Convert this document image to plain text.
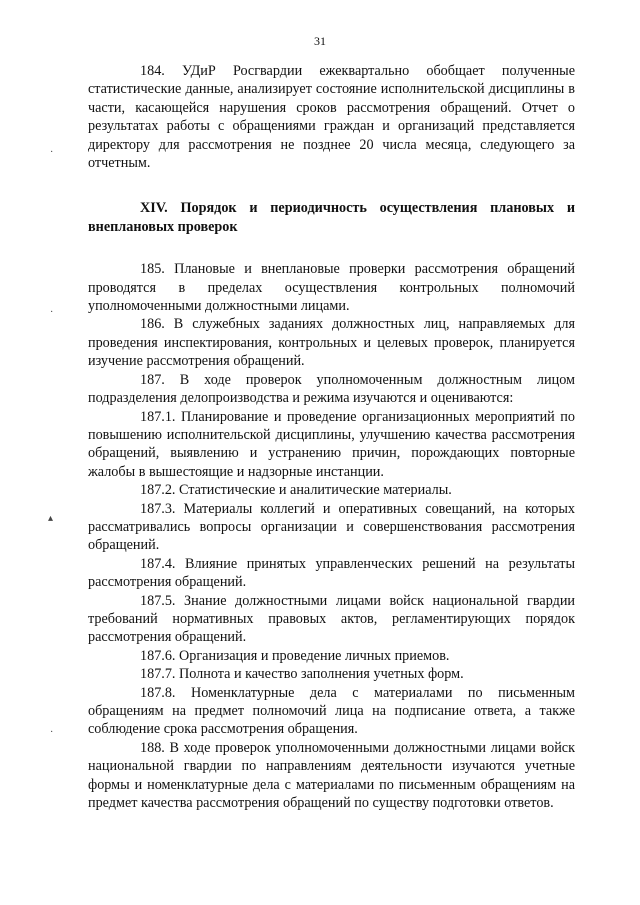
31

184. УДиР Росгвардии ежеквартально обобщает полученные статистические данные, анализирует состояние исполнительской дисциплины в части, касающейся нарушения сроков рассмотрения обращений. Отчет о результатах работы с обращениями граждан и организаций представляется директору для рассмотрения не позднее 20 числа месяца, следующего за отчетным.

XIV. Порядок и периодичность осуществления плановых и внеплановых проверок

185. Плановые и внеплановые проверки рассмотрения обращений проводятся в пределах осуществления контрольных полномочий уполномоченными должностными лицами.

186. В служебных заданиях должностных лиц, направляемых для проведения инспектирования, контрольных и целевых проверок, планируется изучение рассмотрения обращений.

187. В ходе проверок уполномоченным должностным лицом подразделения делопроизводства и режима изучаются и оцениваются:

187.1. Планирование и проведение организационных мероприятий по повышению исполнительской дисциплины, улучшению качества рассмотрения обращений, выявлению и устранению причин, порождающих повторные жалобы в вышестоящие и надзорные инстанции.

187.2. Статистические и аналитические материалы.

187.3. Материалы коллегий и оперативных совещаний, на которых рассматривались вопросы организации и совершенствования рассмотрения обращений.

187.4. Влияние принятых управленческих решений на результаты рассмотрения обращений.

187.5. Знание должностными лицами войск национальной гвардии требований нормативных правовых актов, регламентирующих порядок рассмотрения обращений.

187.6. Организация и проведение личных приемов.

187.7. Полнота и качество заполнения учетных форм.

187.8. Номенклатурные дела с материалами по письменным обращениям на предмет полномочий лица на подписание ответа, а также соблюдение срока рассмотрения обращения.

188. В ходе проверок уполномоченными должностными лицами войск национальной гвардии по направлениям деятельности изучаются учетные формы и номенклатурные дела с материалами по письменным обращениям на предмет качества рассмотрения обращений по существу подготовки ответов.

·
·
▴
·
